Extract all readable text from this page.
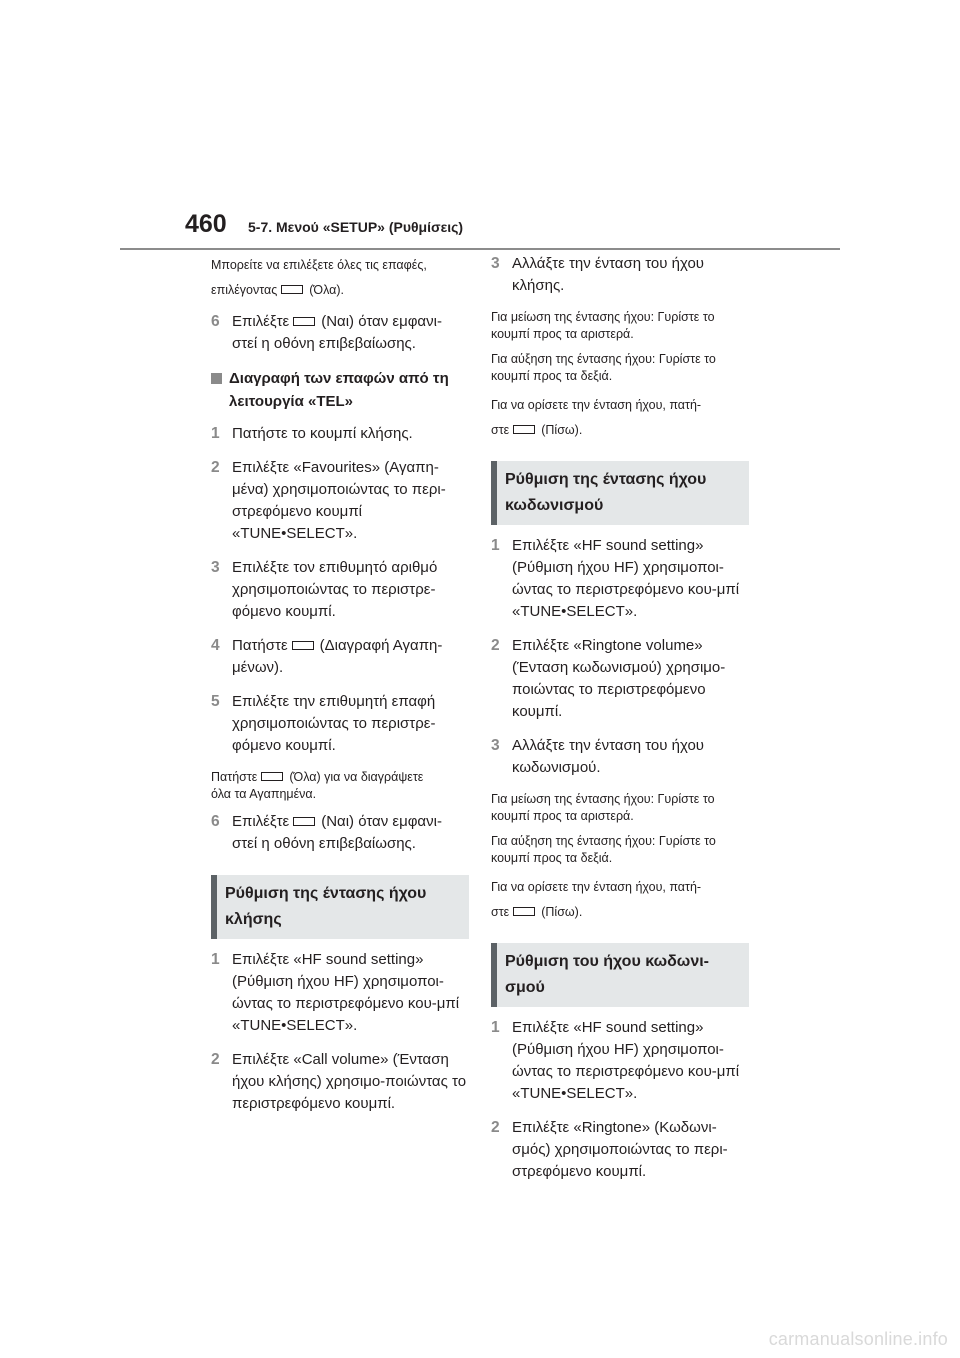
460 5-7. Μενού «SETUP» (Ρυθμίσεις)

Μπορείτε να επιλέξετε όλες τις επαφές,
επιλέγοντας	(Όλα).

6 Επιλέξτε (Ναι) όταν εμφανι-
στεί η οθόνη επιβεβαίωσης.
Διαγραφή των επαφών από τη λειτουργία «TEL»
1 Πατήστε το κουμπί κλήσης.
2 Επιλέξτε «Favourites» (Αγαπη-μένα) χρησιμοποιώντας το περι-στρεφόμενο κουμπί «TUNE•SELECT».
3 Επιλέξτε τον επιθυμητό αριθμό χρησιμοποιώντας το περιστρε-φόμενο κουμπί.
4 Πατήστε (Διαγραφή Αγαπη-
μένων).
5 Επιλέξτε την επιθυμητή επαφή χρησιμοποιώντας το περιστρε-φόμενο κουμπί.

Πατήστε	(Όλα) για να διαγράψετε
όλα τα Αγαπημένα.

6 Επιλέξτε (Ναι) όταν εμφανι-
στεί η οθόνη επιβεβαίωσης.
Ρύθμιση της έντασης ήχου κλήσης
1 Επιλέξτε «HF sound setting» (Ρύθμιση ήχου HF) χρησιμοποι-ώντας το περιστρεφόμενο κου-μπί «TUNE•SELECT».
2 Επιλέξτε «Call volume» (Ένταση ήχου κλήσης) χρησιμο-ποιώντας το περιστρεφόμενο κουμπί.
3 Αλλάξτε την ένταση του ήχου κλήσης.

Για μείωση της έντασης ήχου: Γυρίστε το κουμπί προς τα αριστερά.

Για αύξηση της έντασης ήχου: Γυρίστε το κουμπί προς τα δεξιά.

Για να ορίσετε την ένταση ήχου, πατή-
στε	(Πίσω).

Ρύθμιση της έντασης ήχου κωδωνισμού
1 Επιλέξτε «HF sound setting» (Ρύθμιση ήχου HF) χρησιμοποι-ώντας το περιστρεφόμενο κου-μπί «TUNE•SELECT».
2 Επιλέξτε «Ringtone volume» (Ένταση κωδωνισμού) χρησιμο-ποιώντας το περιστρεφόμενο κουμπί.
3 Αλλάξτε την ένταση του ήχου κωδωνισμού.

Για μείωση της έντασης ήχου: Γυρίστε το κουμπί προς τα αριστερά.

Για αύξηση της έντασης ήχου: Γυρίστε το κουμπί προς τα δεξιά.

Για να ορίσετε την ένταση ήχου, πατή-
στε	(Πίσω).

Ρύθμιση του ήχου κωδωνι-σμού
1 Επιλέξτε «HF sound setting» (Ρύθμιση ήχου HF) χρησιμοποι-ώντας το περιστρεφόμενο κου-μπί «TUNE•SELECT».
2 Επιλέξτε «Ringtone» (Κωδωνι-σμός) χρησιμοποιώντας το περι-στρεφόμενο κουμπί.
carmanualsonline.info
